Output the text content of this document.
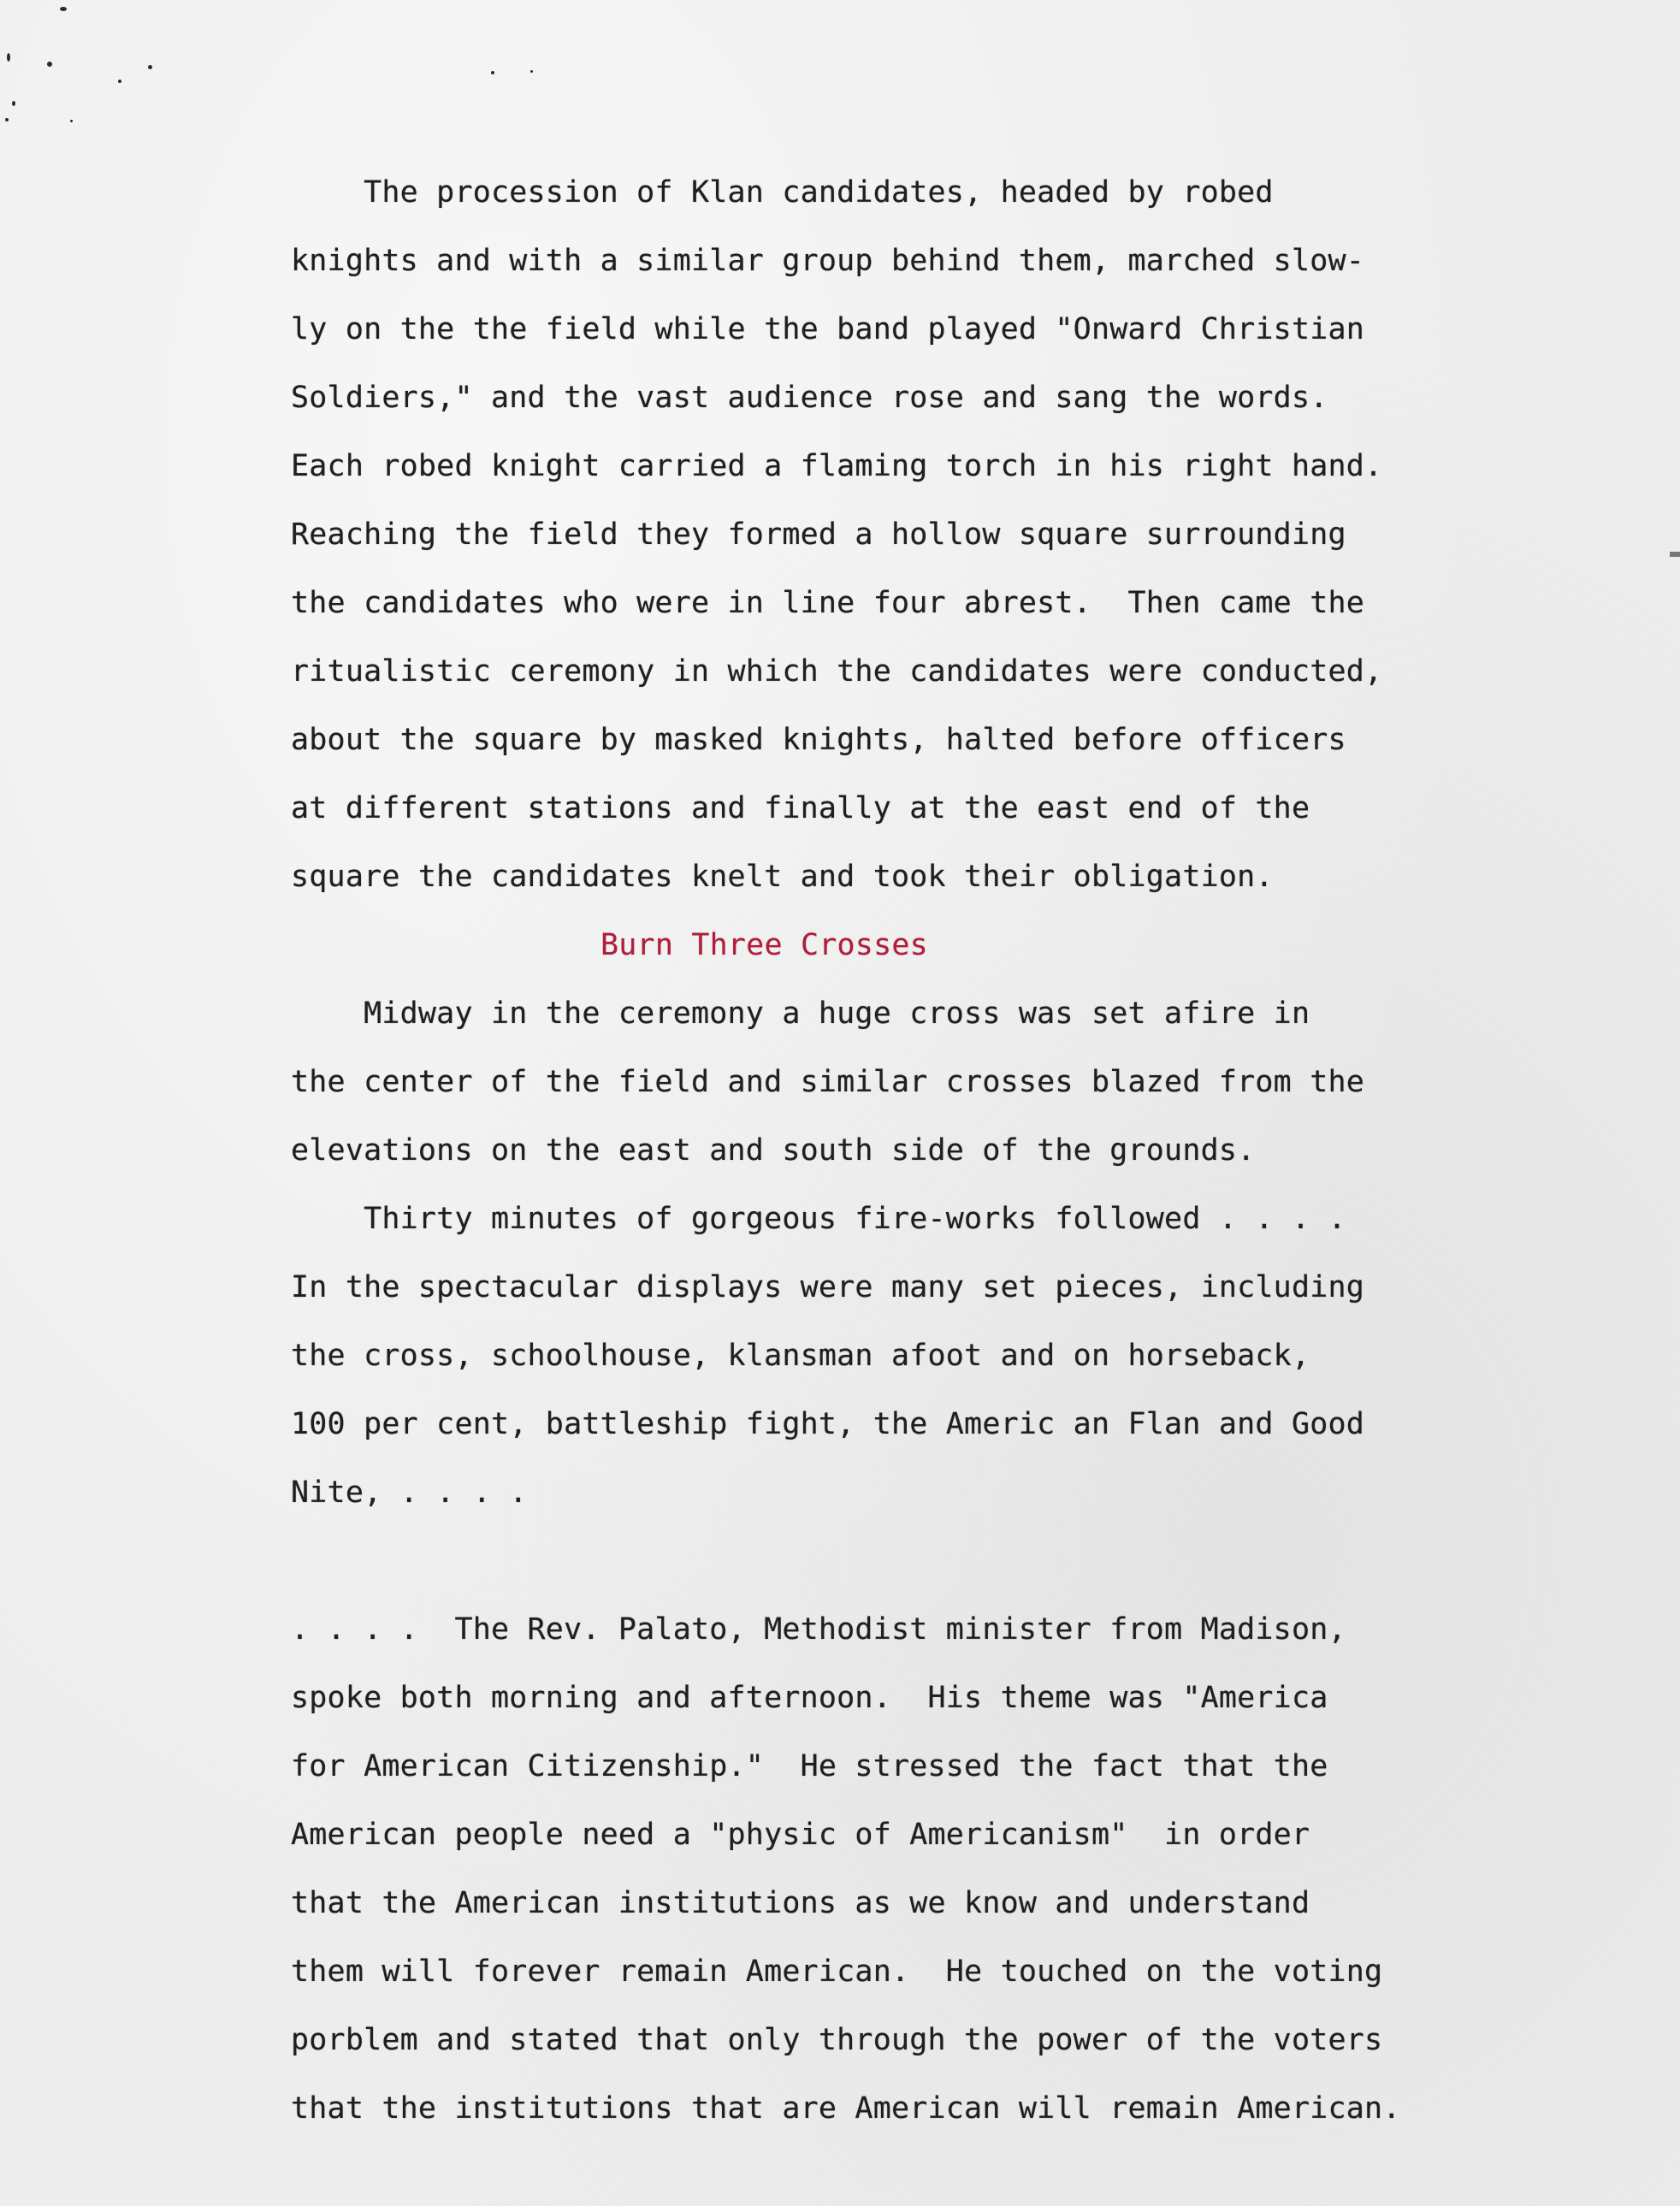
The procession of Klan candidates, headed by robed
knights and with a similar group behind them, marched slow-
ly on the the field while the band played "Onward Christian
Soldiers," and the vast audience rose and sang the words.
Each robed knight carried a flaming torch in his right hand.
Reaching the field they formed a hollow square surrounding
the candidates who were in line four abrest.  Then came the
ritualistic ceremony in which the candidates were conducted,
about the square by masked knights, halted before officers
at different stations and finally at the east end of the
square the candidates knelt and took their obligation.
Burn Three Crosses
Midway in the ceremony a huge cross was set afire in
the center of the field and similar crosses blazed from the
elevations on the east and south side of the grounds.
Thirty minutes of gorgeous fire-works followed . . . .
In the spectacular displays were many set pieces, including
the cross, schoolhouse, klansman afoot and on horseback,
100 per cent, battleship fight, the Americ an Flan and Good
Nite, . . . .
. . . .  The Rev. Palato, Methodist minister from Madison,
spoke both morning and afternoon.  His theme was "America
for American Citizenship."  He stressed the fact that the
American people need a "physic of Americanism"  in order
that the American institutions as we know and understand
them will forever remain American.  He touched on the voting
porblem and stated that only through the power of the voters
that the institutions that are American will remain American.
